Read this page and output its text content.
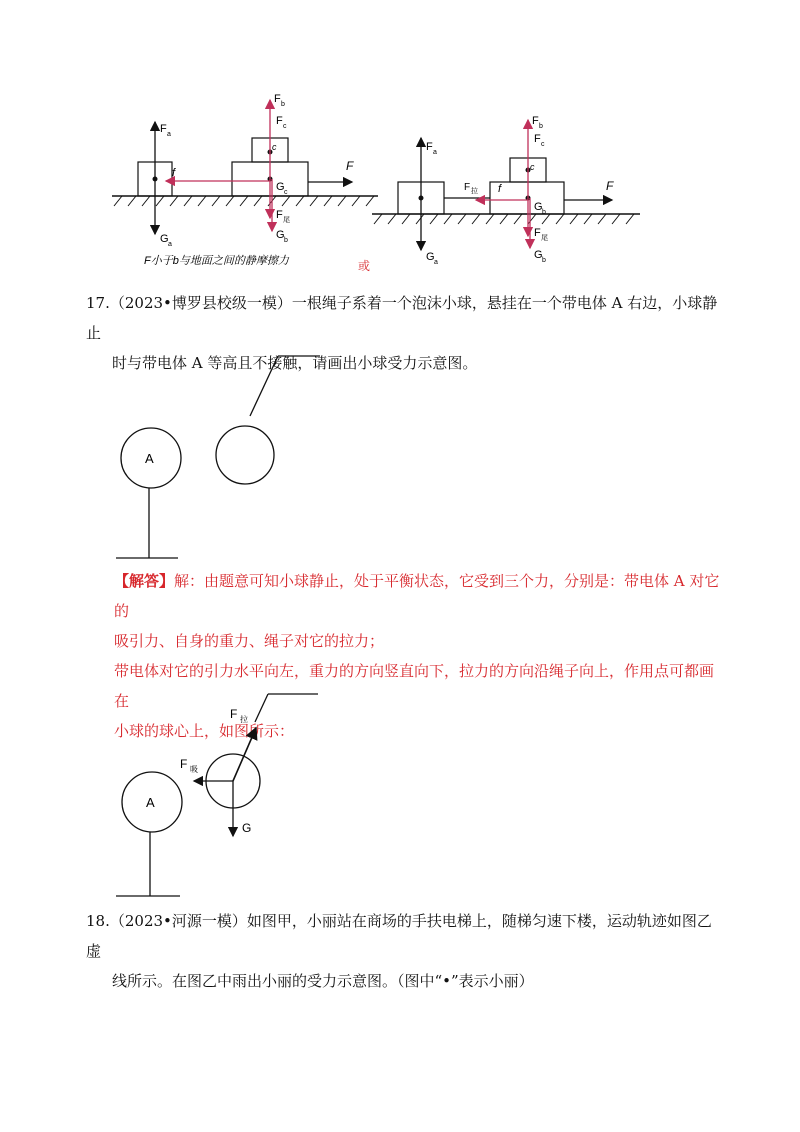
F a
G a
f
c
F b
F c
G c
F 尾
G b
F
F小于b与地面之间的静摩擦力	或
F a
G a
F 拉 f
c
F b
F c
G b
F 尾
G b
F
17.（2023•博罗县校级一模）一根绳子系着一个泡沫小球，悬挂在一个带电体 A 右边，小球静止
时与带电体 A 等高且不接触，请画出小球受力示意图。
A
【解答】解：由题意可知小球静止，处于平衡状态，它受到三个力，分别是：带电体 A 对它的
吸引力、自身的重力、绳子对它的拉力；
带电体对它的引力水平向左，重力的方向竖直向下，拉力的方向沿绳子向上，作用点可都画在
小球的球心上，如图所示：
F 拉
F 吸
G
A
18.（2023•河源一模）如图甲，小丽站在商场的手扶电梯上，随梯匀速下楼，运动轨迹如图乙虚
线所示。在图乙中雨出小丽的受力示意图。（图中“•”表示小丽）
